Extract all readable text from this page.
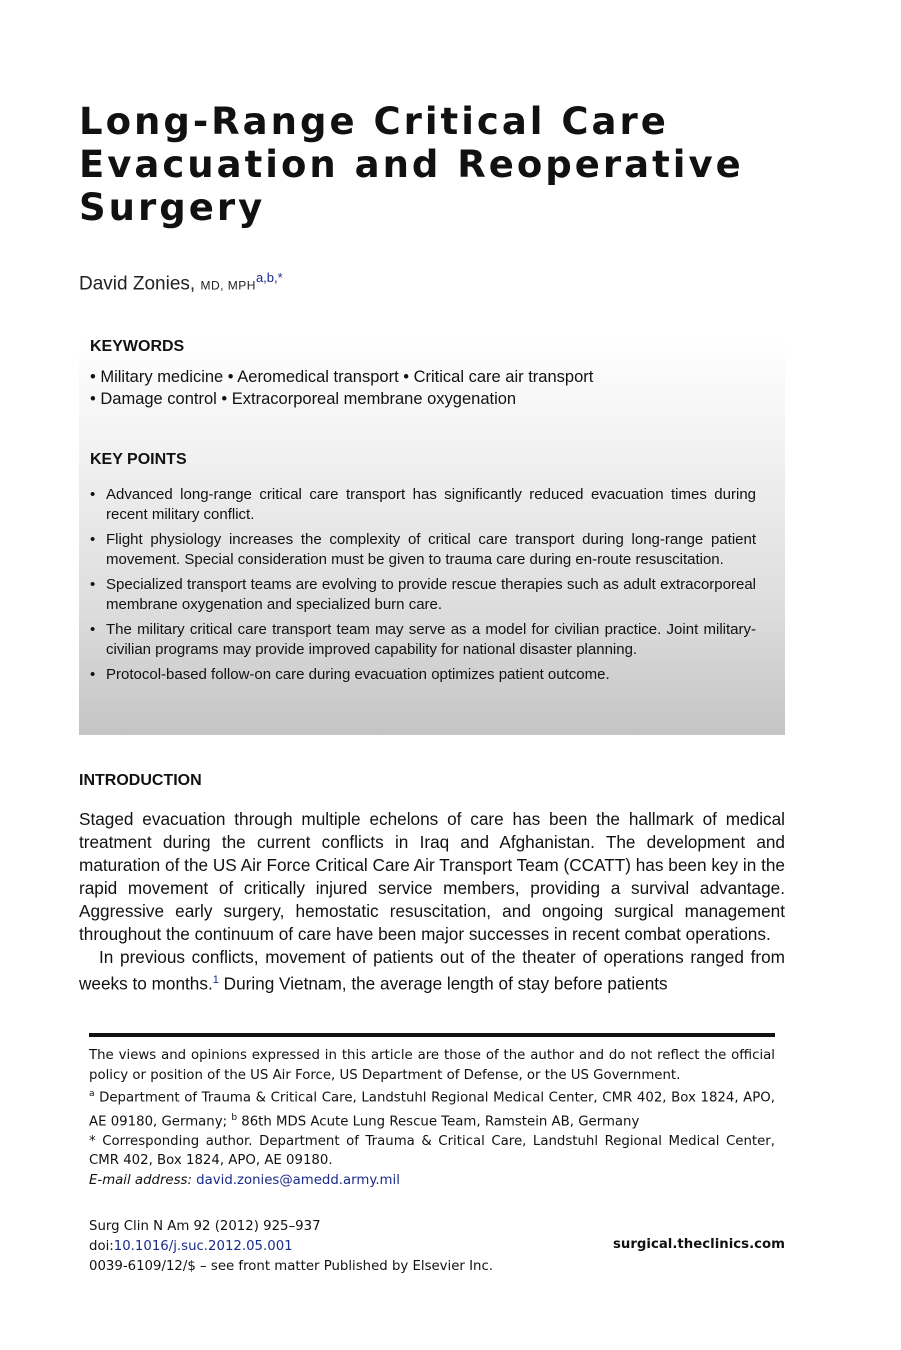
Long-Range Critical Care
Evacuation and Reoperative
Surgery
David Zonies, MD, $MPH^{a,b,*}$
KEYWORDS
• Military medicine • Aeromedical transport • Critical care air transport
• Damage control • Extracorporeal membrane oxygenation
KEY POINTS
• Advanced long-range critical care transport has significantly reduced evacuation times during recent military conflict.
• Flight physiology increases the complexity of critical care transport during long-range patient movement. Special consideration must be given to trauma care during en-route resuscitation.
• Specialized transport teams are evolving to provide rescue therapies such as adult extracorporeal membrane oxygenation and specialized burn care.
• The military critical care transport team may serve as a model for civilian practice. Joint military-civilian programs may provide improved capability for national disaster planning.
• Protocol-based follow-on care during evacuation optimizes patient outcome.
INTRODUCTION

Staged evacuation through multiple echelons of care has been the hallmark of medical treatment during the current conflicts in Iraq and Afghanistan. The development and maturation of the US Air Force Critical Care Air Transport Team (CCATT) has been key in the rapid movement of critically injured service members, providing a survival advantage. Aggressive early surgery, hemostatic resuscitation, and ongoing surgical management throughout the continuum of care have been major successes in recent combat operations.

In previous conflicts, movement of patients out of the theater of operations ranged from weeks to months.$^1$ During Vietnam, the average length of stay before patients

The views and opinions expressed in this article are those of the author and do not reflect the official policy or position of the US Air Force, US Department of Defense, or the US Government.

$^a$ Department of Trauma & Critical Care, Landstuhl Regional Medical Center, CMR 402, Box 1824, APO, AE 09180, Germany; $^b$ 86th MDS Acute Lung Rescue Team, Ramstein AB, Germany

* Corresponding author. Department of Trauma & Critical Care, Landstuhl Regional Medical Center, CMR 402, Box 1824, APO, AE 09180.

E-mail address: david.zonies@amedd.army.mil

Surg Clin N Am 92 (2012) 925–937
doi:10.1016/j.suc.2012.05.001
0039-6109/12/$ – see front matter Published by Elsevier Inc.
surgical.theclinics.com
